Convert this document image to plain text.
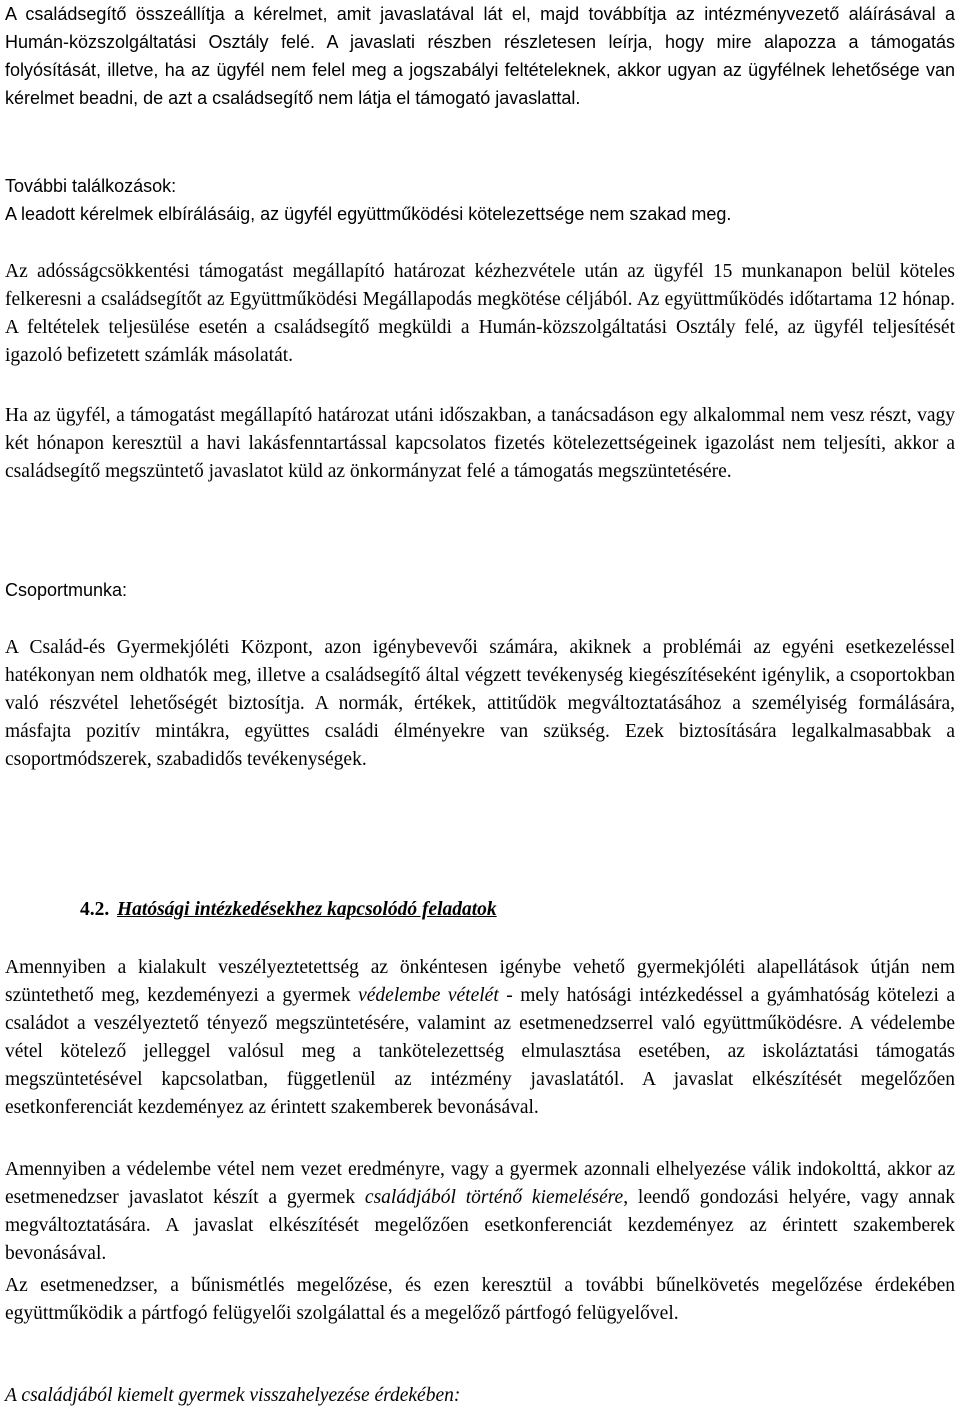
A családsegítő összeállítja a kérelmet, amit javaslatával lát el, majd továbbítja az intézményvezető aláírásával a Humán-közszolgáltatási Osztály felé. A javaslati részben részletesen leírja, hogy mire alapozza a támogatás folyósítását, illetve, ha az ügyfél nem felel meg a jogszabályi feltételeknek, akkor ugyan az ügyfélnek lehetősége van kérelmet beadni, de azt a családsegítő nem látja el támogató javaslattal.

További találkozások:

A leadott kérelmek elbírálásáig, az ügyfél együttműködési kötelezettsége nem szakad meg.

Az adósságcsökkentési támogatást megállapító határozat kézhezvétele után az ügyfél 15 munkanapon belül köteles felkeresni a családsegítőt az Együttműködési Megállapodás megkötése céljából. Az együttműködés időtartama 12 hónap. A feltételek teljesülése esetén a családsegítő megküldi a Humán-közszolgáltatási Osztály felé, az ügyfél teljesítését igazoló befizetett számlák másolatát.

Ha az ügyfél, a támogatást megállapító határozat utáni időszakban, a tanácsadáson egy alkalommal nem vesz részt, vagy két hónapon keresztül a havi lakásfenntartással kapcsolatos fizetés kötelezettségeinek igazolást nem teljesíti, akkor a családsegítő megszüntető javaslatot küld az önkormányzat felé a támogatás megszüntetésére.

Csoportmunka:

A Család-és Gyermekjóléti Központ, azon igénybevevői számára, akiknek a problémái az egyéni esetkezeléssel hatékonyan nem oldhatók meg, illetve a családsegítő által végzett tevékenység kiegészítéseként igénylik, a csoportokban való részvétel lehetőségét biztosítja. A normák, értékek, attitűdök megváltoztatásához a személyiség formálására, másfajta pozitív mintákra, együttes családi élményekre van szükség. Ezek biztosítására legalkalmasabbak a csoportmódszerek, szabadidős tevékenységek.

4.2. Hatósági intézkedésekhez kapcsolódó feladatok

Amennyiben a kialakult veszélyeztetettség az önkéntesen igénybe vehető gyermekjóléti alapellátások útján nem szüntethető meg, kezdeményezi a gyermek védelembe vételét - mely hatósági intézkedéssel a gyámhatóság kötelezi a családot a veszélyeztető tényező megszüntetésére, valamint az esetmenedzserrel való együttműködésre. A védelembe vétel kötelező jelleggel valósul meg a tankötelezettség elmulasztása esetében, az iskoláztatási támogatás megszüntetésével kapcsolatban, függetlenül az intézmény javaslatától. A javaslat elkészítését megelőzően esetkonferenciát kezdeményez az érintett szakemberek bevonásával.

Amennyiben a védelembe vétel nem vezet eredményre, vagy a gyermek azonnali elhelyezése válik indokolttá, akkor az esetmenedzser javaslatot készít a gyermek családjából történő kiemelésére, leendő gondozási helyére, vagy annak megváltoztatására. A javaslat elkészítését megelőzően esetkonferenciát kezdeményez az érintett szakemberek bevonásával.

Az esetmenedzser, a bűnismétlés megelőzése, és ezen keresztül a további bűnelkövetés megelőzése érdekében együttműködik a pártfogó felügyelői szolgálattal és a megelőző pártfogó felügyelővel.

A családjából kiemelt gyermek visszahelyezése érdekében:
